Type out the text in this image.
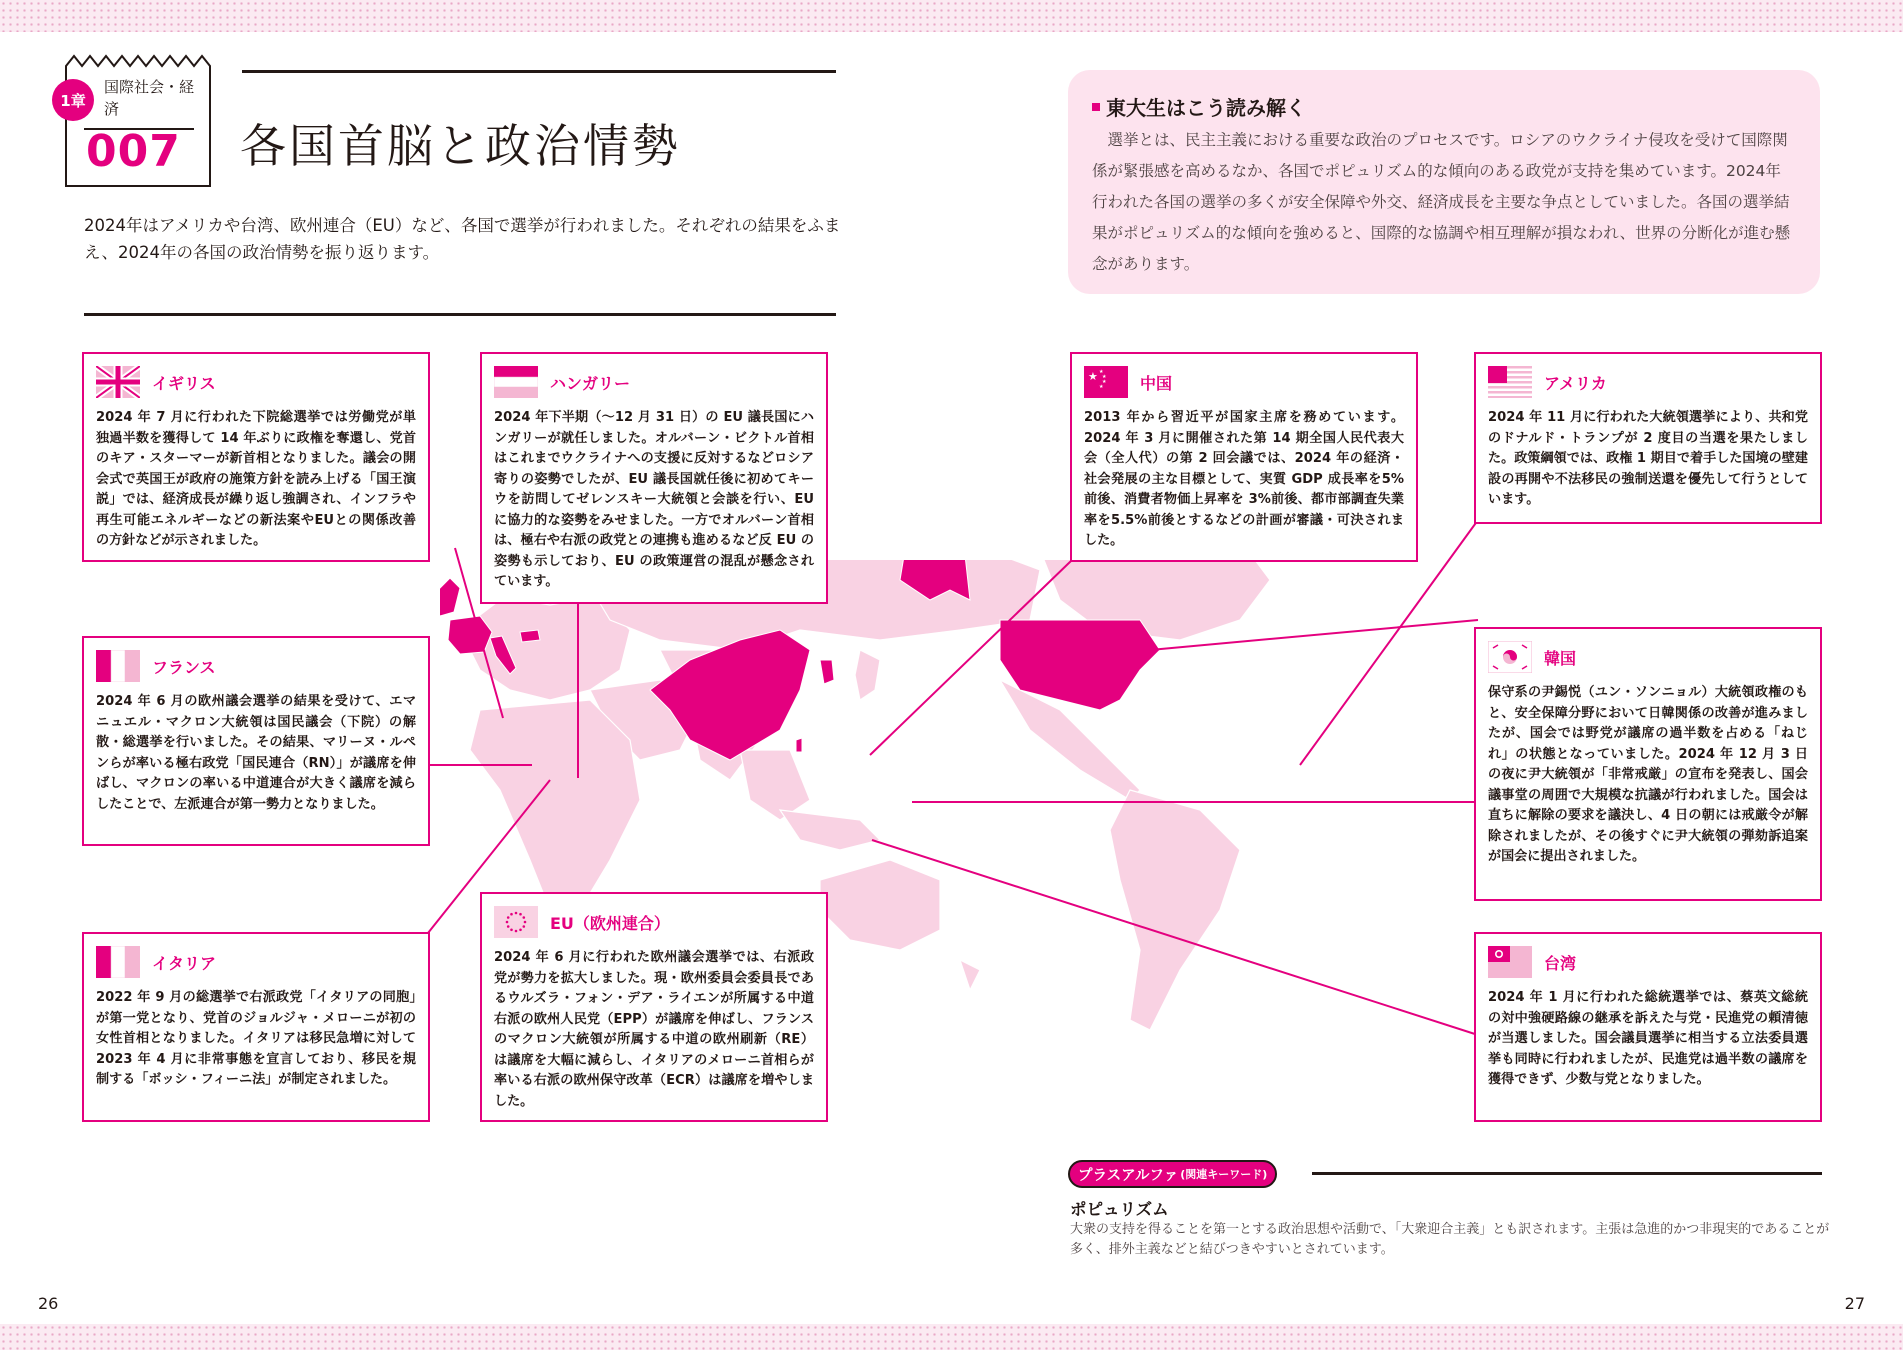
1章
国際社会・経済
007 各国首脳と政治情勢
2024年はアメリカや台湾、欧州連合（EU）など、各国で選挙が行われました。それぞれの結果をふまえ、2024年の各国の政治情勢を振り返ります。
東大生はこう読み解く
選挙とは、民主主義における重要な政治のプロセスです。ロシアのウクライナ侵攻を受けて国際関係が緊張感を高めるなか、各国でポピュリズム的な傾向のある政党が支持を集めています。2024年行われた各国の選挙の多くが安全保障や外交、経済成長を主要な争点としていました。各国の選挙結果がポピュリズム的な傾向を強めると、国際的な協調や相互理解が損なわれ、世界の分断化が進む懸念があります。
イギリス
2024 年 7 月に行われた下院総選挙では労働党が単独過半数を獲得して 14 年ぶりに政権を奪還し、党首のキア・スターマーが新首相となりました。議会の開会式で英国王が政府の施策方針を読み上げる「国王演説」では、経済成長が繰り返し強調され、インフラや再生可能エネルギーなどの新法案やEUとの関係改善の方針などが示されました。
ハンガリー
2024 年下半期（～12 月 31 日）の EU 議長国にハンガリーが就任しました。オルバーン・ビクトル首相はこれまでウクライナへの支援に反対するなどロシア寄りの姿勢でしたが、EU 議長国就任後に初めてキーウを訪問してゼレンスキー大統領と会談を行い、EU に協力的な姿勢をみせました。一方でオルバーン首相は、極右や右派の政党との連携も進めるなど反 EU の姿勢も示しており、EU の政策運営の混乱が懸念されています。
★ ★
★
★
★ 中国
2013 年から習近平が国家主席を務めています。2024 年 3 月に開催された第 14 期全国人民代表大会（全人代）の第 2 回会議では、2024 年の経済・社会発展の主な目標として、実質 GDP 成長率を5%前後、消費者物価上昇率を 3%前後、都市部調査失業率を5.5%前後とするなどの計画が審議・可決されました。
アメリカ
2024 年 11 月に行われた大統領選挙により、共和党のドナルド・トランプが 2 度目の当選を果たしました。政策綱領では、政権 1 期目で着手した国境の壁建設の再開や不法移民の強制送還を優先して行うとしています。
フランス
2024 年 6 月の欧州議会選挙の結果を受けて、エマニュエル・マクロン大統領は国民議会（下院）の解散・総選挙を行いました。その結果、マリーヌ・ルペンらが率いる極右政党「国民連合（RN）」が議席を伸ばし、マクロンの率いる中道連合が大きく議席を減らしたことで、左派連合が第一勢力となりました。
韓国
保守系の尹錫悦（ユン・ソンニョル）大統領政権のもと、安全保障分野において日韓関係の改善が進みましたが、国会では野党が議席の過半数を占める「ねじれ」の状態となっていました。2024 年 12 月 3 日の夜に尹大統領が「非常戒厳」の宣布を発表し、国会議事堂の周囲で大規模な抗議が行われました。国会は直ちに解除の要求を議決し、4 日の朝には戒厳令が解除されましたが、その後すぐに尹大統領の弾劾訴追案が国会に提出されました。
イタリア
2022 年 9 月の総選挙で右派政党「イタリアの同胞」が第一党となり、党首のジョルジャ・メローニが初の女性首相となりました。イタリアは移民急増に対して 2023 年 4 月に非常事態を宣言しており、移民を規制する「ボッシ・フィーニ法」が制定されました。
EU（欧州連合）
2024 年 6 月に行われた欧州議会選挙では、右派政党が勢力を拡大しました。現・欧州委員会委員長であるウルズラ・フォン・デア・ライエンが所属する中道右派の欧州人民党（EPP）が議席を伸ばし、フランスのマクロン大統領が所属する中道の欧州刷新（RE）は議席を大幅に減らし、イタリアのメローニ首相らが率いる右派の欧州保守改革（ECR）は議席を増やしました。
台湾
2024 年 1 月に行われた総統選挙では、蔡英文総統の対中強硬路線の継承を訴えた与党・民進党の頼清徳が当選しました。国会議員選挙に相当する立法委員選挙も同時に行われましたが、民進党は過半数の議席を獲得できず、少数与党となりました。
プラスアルファ (関連キーワード)
ポピュリズム
大衆の支持を得ることを第一とする政治思想や活動で、「大衆迎合主義」とも訳されます。主張は急進的かつ非現実的であることが多く、排外主義などと結びつきやすいとされています。
26	27
